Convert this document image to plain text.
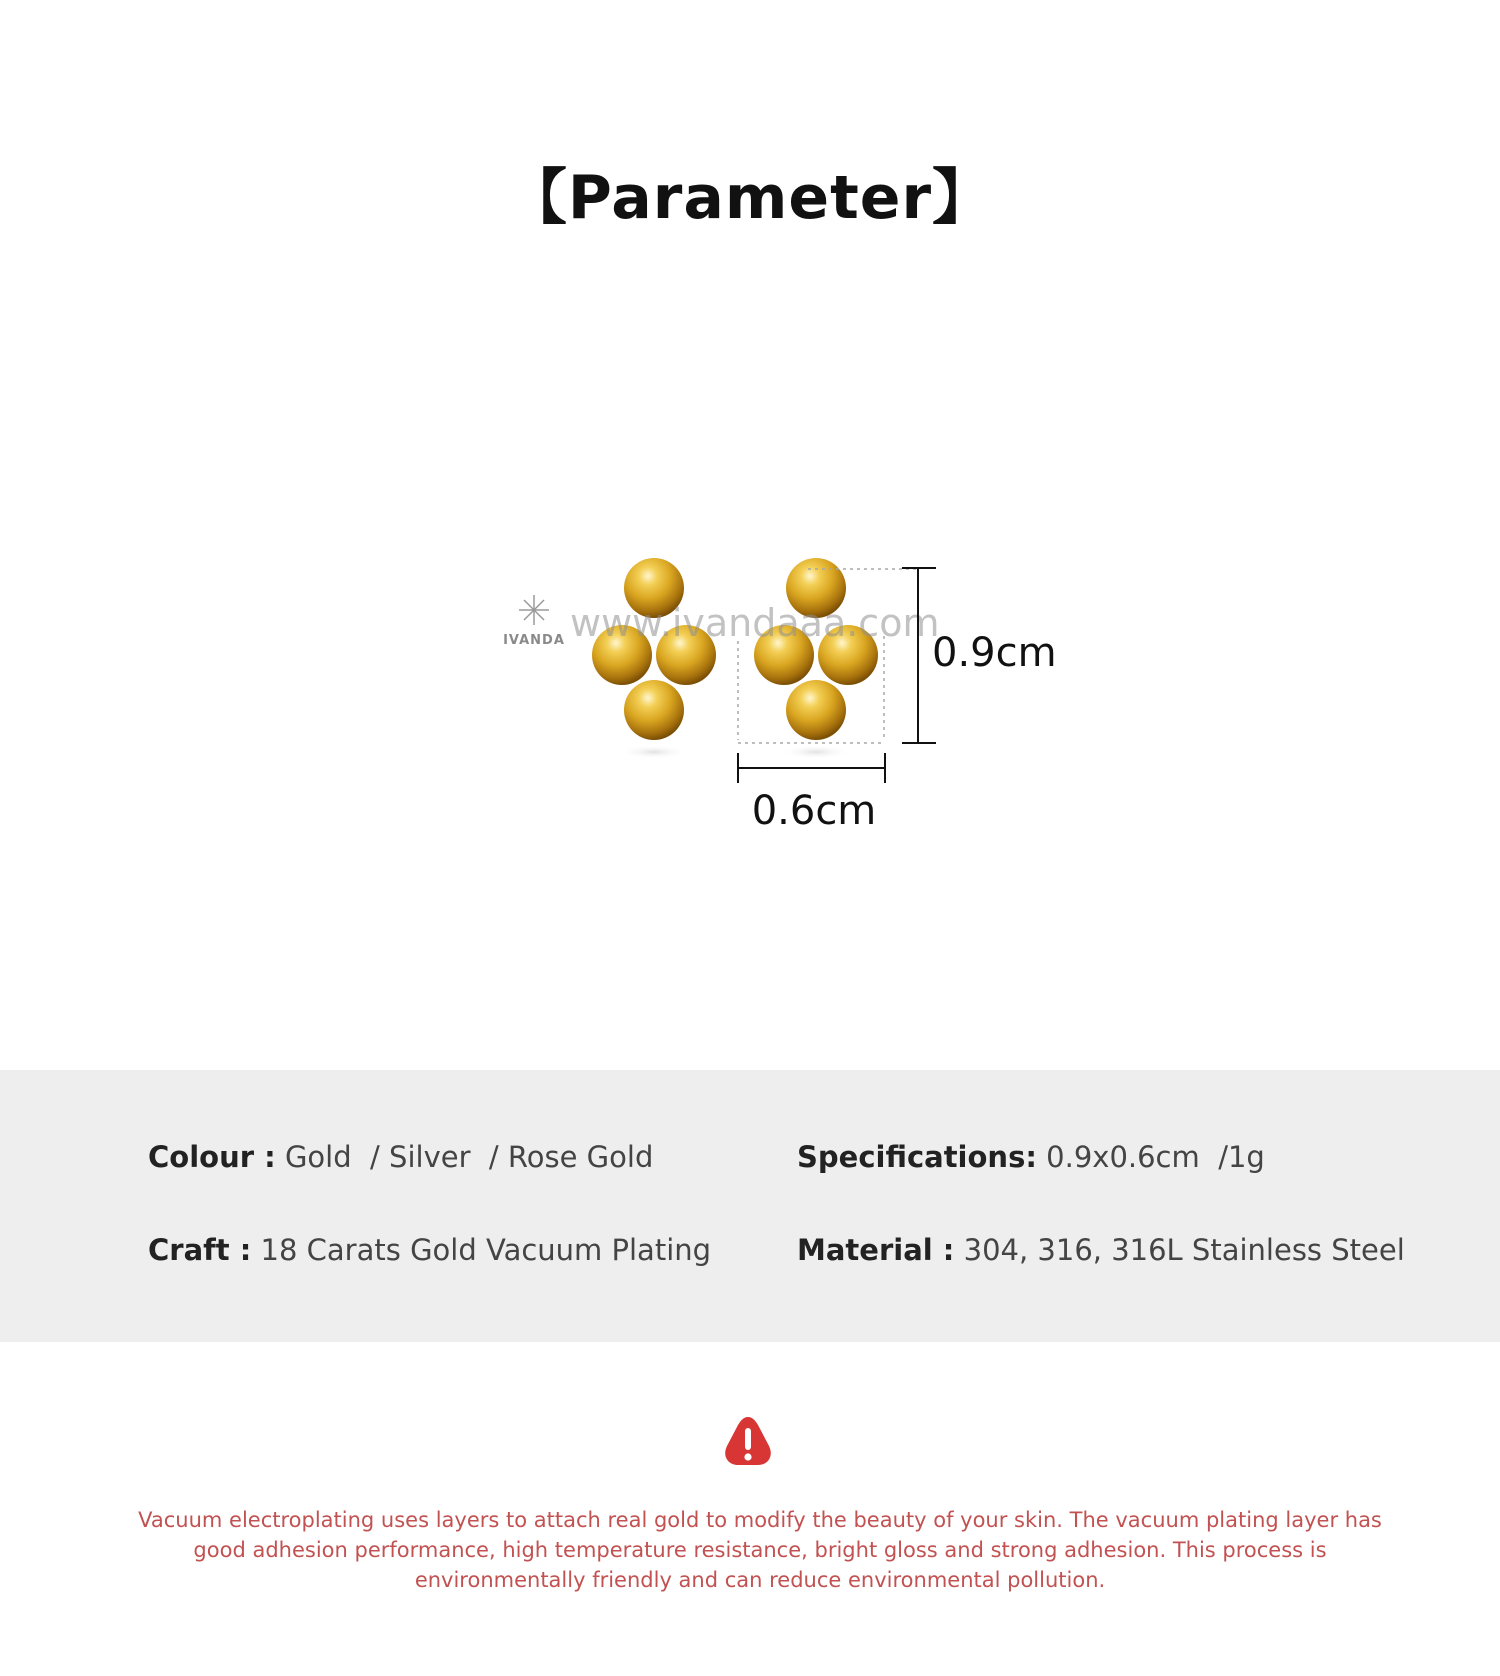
【Parameter】
IVANDA www.ivandaaa.com
0.9cm
0.6cm
Colour : Gold  / Silver  / Rose Gold	Specifications: 0.9x0.6cm  /1g
Craft : 18 Carats Gold Vacuum Plating	Material : 304, 316, 316L Stainless Steel

Vacuum electroplating uses layers to attach real gold to modify the beauty of your skin. The vacuum plating layer has good adhesion performance, high temperature resistance, bright gloss and strong adhesion. This process is environmentally friendly and can reduce environmental pollution.
